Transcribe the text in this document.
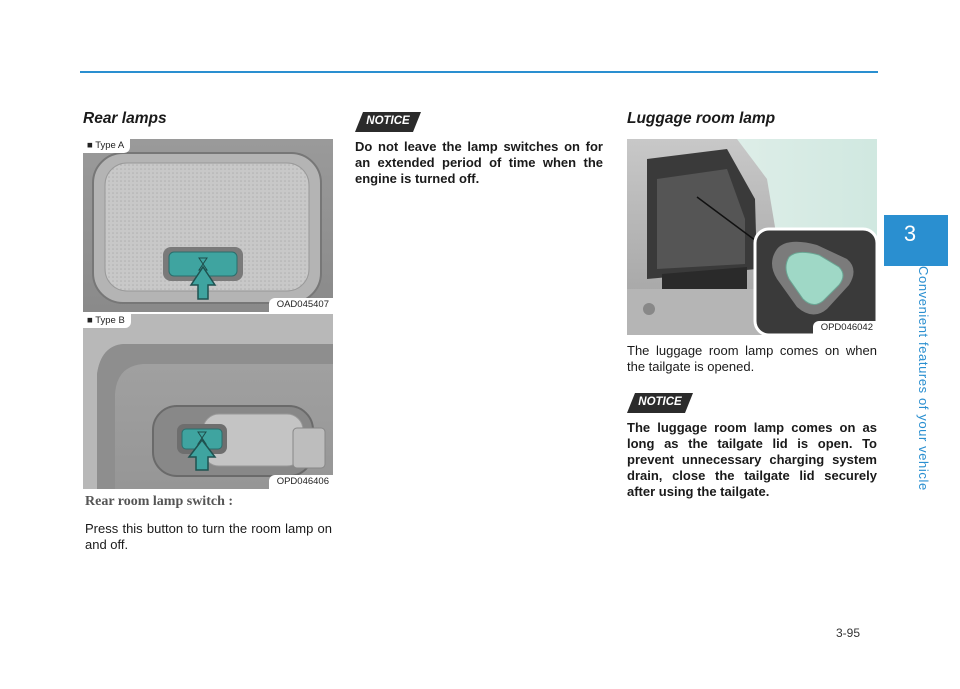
Rear lamps
■ Type A
OAD045407
■ Type B
OPD046406
Rear room lamp switch :
Press this button to turn the room lamp on and off.
NOTICE
Do not leave the lamp switches on for an extended period of time when the engine is turned off.
Luggage room lamp
OPD046042
The luggage room lamp comes on when the tailgate is opened.
NOTICE
The luggage room lamp comes on as long as the tailgate lid is open. To prevent unnecessary charging system drain, close the tailgate lid securely after using the tailgate.
3
Convenient features of your vehicle
3-95
